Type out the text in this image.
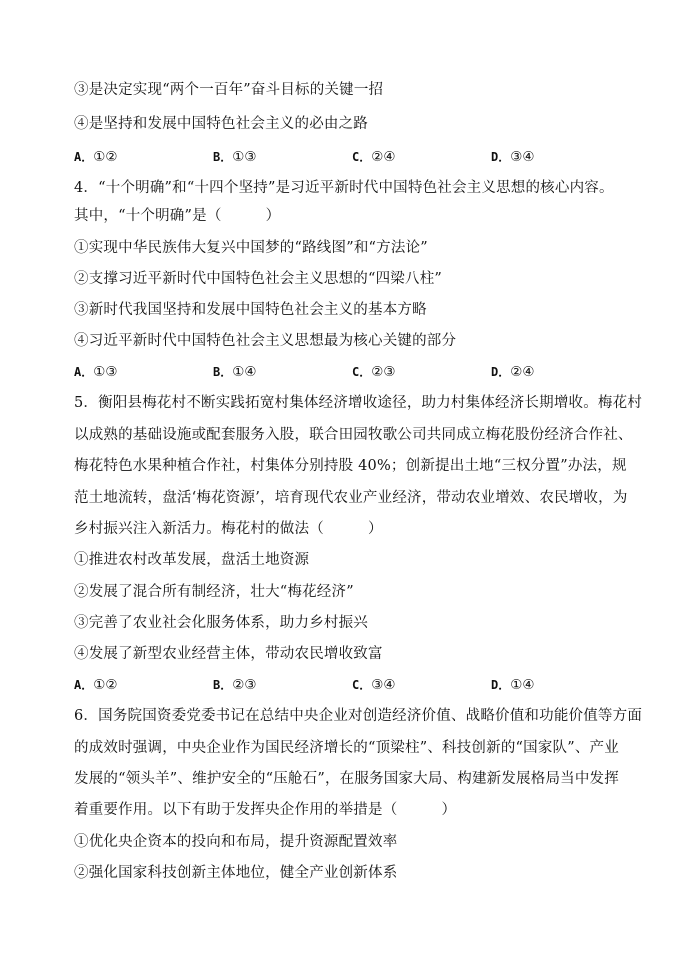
③是决定实现“两个一百年”奋斗目标的关键一招
④是坚持和发展中国特色社会主义的必由之路
A．①②	B．①③	C．②④	D．③④
4．“十个明确”和“十四个坚持”是习近平新时代中国特色社会主义思想的核心内容。
其中，“十个明确”是（　　　）
①实现中华民族伟大复兴中国梦的“路线图”和“方法论”
②支撑习近平新时代中国特色社会主义思想的“四梁八柱”
③新时代我国坚持和发展中国特色社会主义的基本方略
④习近平新时代中国特色社会主义思想最为核心关键的部分
A．①③	B．①④	C．②③	D．②④
5．衡阳县梅花村不断实践拓宽村集体经济增收途径，助力村集体经济长期增收。梅花村
以成熟的基础设施或配套服务入股，联合田园牧歌公司共同成立梅花股份经济合作社、
梅花特色水果种植合作社，村集体分别持股 40%；创新提出土地“三权分置”办法，规
范土地流转，盘活‘梅花资源’，培育现代农业产业经济，带动农业增效、农民增收，为
乡村振兴注入新活力。梅花村的做法（　　　）
①推进农村改革发展，盘活土地资源
②发展了混合所有制经济，壮大“梅花经济”
③完善了农业社会化服务体系，助力乡村振兴
④发展了新型农业经营主体，带动农民增收致富
A．①②	B．②③	C．③④	D．①④
6．国务院国资委党委书记在总结中央企业对创造经济价值、战略价值和功能价值等方面
的成效时强调，中央企业作为国民经济增长的“顶梁柱”、科技创新的“国家队”、产业
发展的“领头羊”、维护安全的“压舱石”，在服务国家大局、构建新发展格局当中发挥
着重要作用。以下有助于发挥央企作用的举措是（　　　）
①优化央企资本的投向和布局，提升资源配置效率
②强化国家科技创新主体地位，健全产业创新体系
